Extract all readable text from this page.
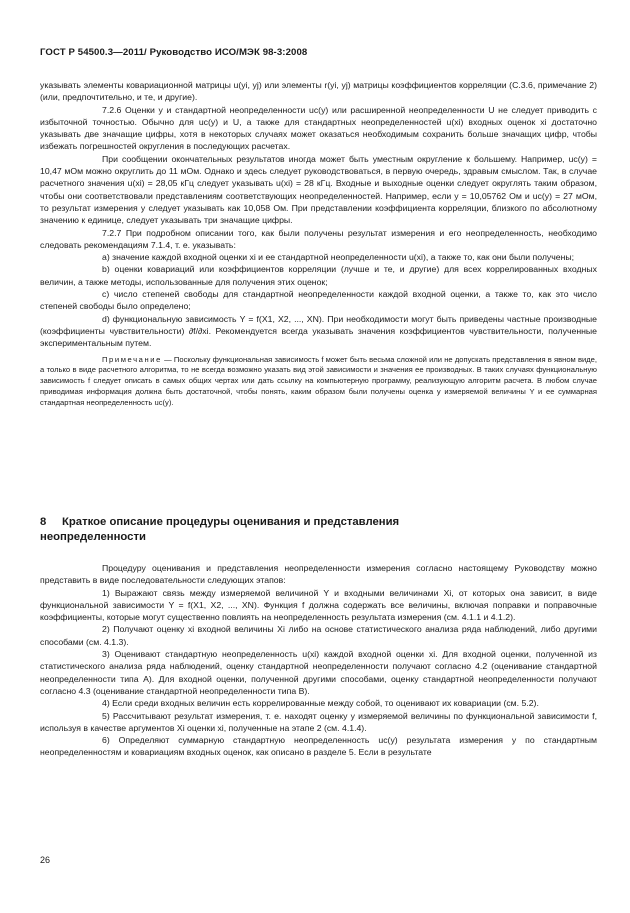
ГОСТ Р 54500.3—2011/ Руководство ИСО/МЭК 98-3:2008

указывать элементы ковариационной матрицы u(yi, yj) или элементы r(yi, yj) матрицы коэффициентов корреляции (С.3.6, примечание 2) (или, предпочтительно, и те, и другие).

7.2.6 Оценки y и стандартной неопределенности uc(y) или расширенной неопределенности U не следует приводить с избыточной точностью. Обычно для uc(y) и U, а также для стандартных неопределенностей u(xi) входных оценок xi достаточно указывать две значащие цифры, хотя в некоторых случаях может оказаться необходимым сохранить больше значащих цифр, чтобы избежать погрешностей округления в последующих расчетах.

При сообщении окончательных результатов иногда может быть уместным округление к большему. Например, uc(y) = 10,47 мОм можно округлить до 11 мОм. Однако и здесь следует руководствоваться, в первую очередь, здравым смыслом. Так, в случае расчетного значения u(xi) = 28,05 кГц следует указывать u(xi) = 28 кГц. Входные и выходные оценки следует округлять таким образом, чтобы они соответствовали представлениям соответствующих неопределенностей. Например, если y = 10,05762 Ом и uc(y) = 27 мОм, то результат измерения y следует указывать как 10,058 Ом. При представлении коэффициента корреляции, близкого по абсолютному значению к единице, следует указывать три значащие цифры.

7.2.7 При подробном описании того, как были получены результат измерения и его неопределенность, необходимо следовать рекомендациям 7.1.4, т. е. указывать:

a) значение каждой входной оценки xi и ее стандартной неопределенности u(xi), а также то, как они были получены;

b) оценки ковариаций или коэффициентов корреляции (лучше и те, и другие) для всех коррелированных входных величин, а также методы, использованные для получения этих оценок;

c) число степеней свободы для стандартной неопределенности каждой входной оценки, а также то, как это число степеней свободы было определено;

d) функциональную зависимость Y = f(X1, X2, ..., XN). При необходимости могут быть приведены частные производные (коэффициенты чувствительности) ∂f/∂xi. Рекомендуется всегда указывать значения коэффициентов чувствительности, полученные экспериментальным путем.

Примечание — Поскольку функциональная зависимость f может быть весьма сложной или не допускать представления в явном виде, а только в виде расчетного алгоритма, то не всегда возможно указать вид этой зависимости и значения ее производных. В таких случаях функциональную зависимость f следует описать в самых общих чертах или дать ссылку на компьютерную программу, реализующую алгоритм расчета. В любом случае приводимая информация должна быть достаточной, чтобы понять, каким образом были получены оценка y измеряемой величины Y и ее суммарная стандартная неопределенность uc(y).

8 Краткое описание процедуры оценивания и представления
неопределенности

Процедуру оценивания и представления неопределенности измерения согласно настоящему Руководству можно представить в виде последовательности следующих этапов:

1) Выражают связь между измеряемой величиной Y и входными величинами Xi, от которых она зависит, в виде функциональной зависимости Y = f(X1, X2, ..., XN). Функция f должна содержать все величины, включая поправки и поправочные коэффициенты, которые могут существенно повлиять на неопределенность результата измерения (см. 4.1.1 и 4.1.2).

2) Получают оценку xi входной величины Xi либо на основе статистического анализа ряда наблюдений, либо другими способами (см. 4.1.3).

3) Оценивают стандартную неопределенность u(xi) каждой входной оценки xi. Для входной оценки, полученной из статистического анализа ряда наблюдений, оценку стандартной неопределенности получают согласно 4.2 (оценивание стандартной неопределенности типа А). Для входной оценки, полученной другими способами, оценку стандартной неопределенности получают согласно 4.3 (оценивание стандартной неопределенности типа В).

4) Если среди входных величин есть коррелированные между собой, то оценивают их ковариации (см. 5.2).

5) Рассчитывают результат измерения, т. е. находят оценку y измеряемой величины по функциональной зависимости f, используя в качестве аргументов Xi оценки xi, полученные на этапе 2 (см. 4.1.4).

6) Определяют суммарную стандартную неопределенность uc(y) результата измерения y по стандартным неопределенностям и ковариациям входных оценок, как описано в разделе 5. Если в результате

26
